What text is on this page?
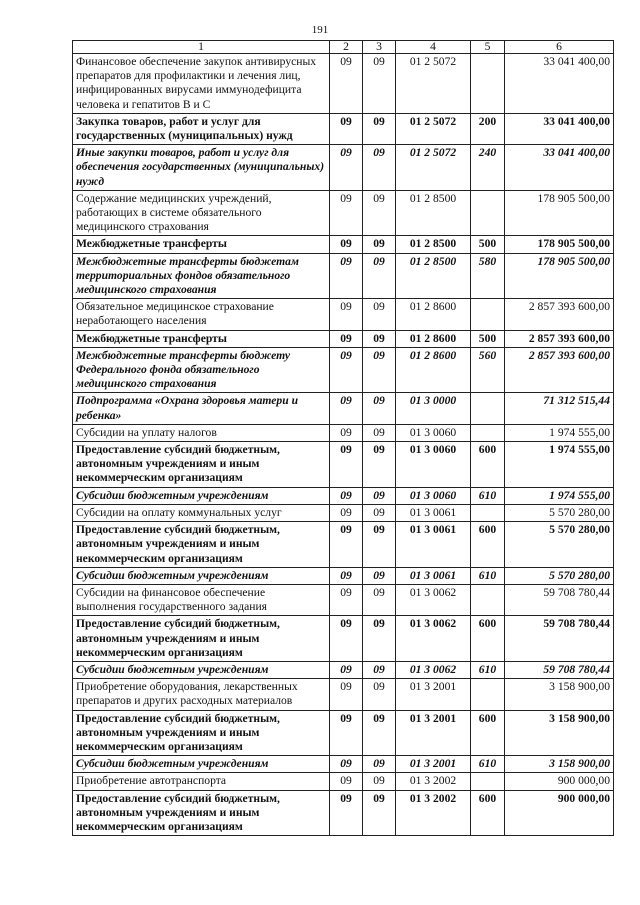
191
1	2	3	4	5	6
Финансовое обеспечение закупок антивирусных препаратов для профилактики и лечения лиц, инфицированных вирусами иммунодефицита человека и гепатитов В и С	09	09	01 2 5072		33 041 400,00
Закупка товаров, работ и услуг для государственных (муниципальных) нужд	09	09	01 2 5072	200	33 041 400,00
Иные закупки товаров, работ и услуг для обеспечения государственных (муниципальных) нужд	09	09	01 2 5072	240	33 041 400,00
Содержание медицинских учреждений, работающих в системе обязательного медицинского страхования	09	09	01 2 8500		178 905 500,00
Межбюджетные трансферты	09	09	01 2 8500	500	178 905 500,00
Межбюджетные трансферты бюджетам территориальных фондов обязательного медицинского страхования	09	09	01 2 8500	580	178 905 500,00
Обязательное медицинское страхование неработающего населения	09	09	01 2 8600		2 857 393 600,00
Межбюджетные трансферты	09	09	01 2 8600	500	2 857 393 600,00
Межбюджетные трансферты бюджету Федерального фонда обязательного медицинского страхования	09	09	01 2 8600	560	2 857 393 600,00
Подпрограмма «Охрана здоровья матери и ребенка»	09	09	01 3 0000		71 312 515,44
Субсидии на уплату налогов	09	09	01 3 0060		1 974 555,00
Предоставление субсидий бюджетным, автономным учреждениям и иным некоммерческим организациям	09	09	01 3 0060	600	1 974 555,00
Субсидии бюджетным учреждениям	09	09	01 3 0060	610	1 974 555,00
Субсидии на оплату коммунальных услуг	09	09	01 3 0061		5 570 280,00
Предоставление субсидий бюджетным, автономным учреждениям и иным некоммерческим организациям	09	09	01 3 0061	600	5 570 280,00
Субсидии бюджетным учреждениям	09	09	01 3 0061	610	5 570 280,00
Субсидии на финансовое обеспечение выполнения государственного задания	09	09	01 3 0062		59 708 780,44
Предоставление субсидий бюджетным, автономным учреждениям и иным некоммерческим организациям	09	09	01 3 0062	600	59 708 780,44
Субсидии бюджетным учреждениям	09	09	01 3 0062	610	59 708 780,44
Приобретение оборудования, лекарственных препаратов и других расходных материалов	09	09	01 3 2001		3 158 900,00
Предоставление субсидий бюджетным, автономным учреждениям и иным некоммерческим организациям	09	09	01 3 2001	600	3 158 900,00
Субсидии бюджетным учреждениям	09	09	01 3 2001	610	3 158 900,00
Приобретение автотранспорта	09	09	01 3 2002		900 000,00
Предоставление субсидий бюджетным, автономным учреждениям и иным некоммерческим организациям	09	09	01 3 2002	600	900 000,00
